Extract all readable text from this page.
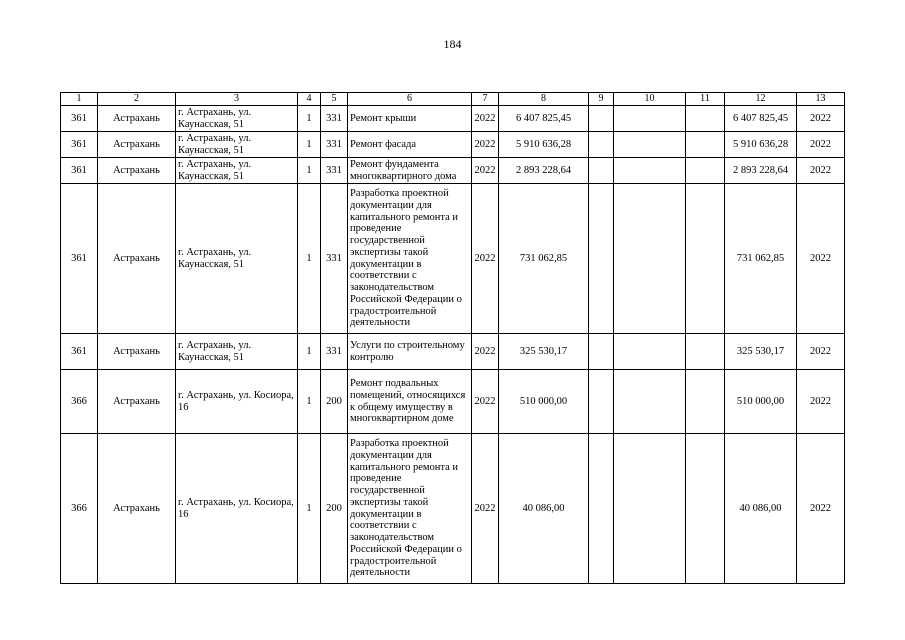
184
1	2	3	4	5	6	7	8	9	10	11	12	13
361	Астрахань	г. Астрахань, ул. Каунасская, 51	1	331	Ремонт крыши	2022	6 407 825,45				6 407 825,45	2022
361	Астрахань	г. Астрахань, ул. Каунасская, 51	1	331	Ремонт фасада	2022	5 910 636,28				5 910 636,28	2022
361	Астрахань	г. Астрахань, ул. Каунасская, 51	1	331	Ремонт фундамента многоквартирного дома	2022	2 893 228,64				2 893 228,64	2022
361	Астрахань	г. Астрахань, ул. Каунасская, 51	1	331	Разработка проектной документации для капитального ремонта и проведение государственной экспертизы такой документации в соответствии с законодательством Российской Федерации о градостроительной деятельности	2022	731 062,85				731 062,85	2022
361	Астрахань	г. Астрахань, ул. Каунасская, 51	1	331	Услуги по строительному контролю	2022	325 530,17				325 530,17	2022
366	Астрахань	г. Астрахань, ул. Косиора, 16	1	200	Ремонт подвальных помещений, относящихся к общему имуществу в многоквартирном доме	2022	510 000,00				510 000,00	2022
366	Астрахань	г. Астрахань, ул. Косиора, 16	1	200	Разработка проектной документации для капитального ремонта и проведение государственной экспертизы такой документации в соответствии с законодательством Российской Федерации о градостроительной деятельности	2022	40 086,00				40 086,00	2022
